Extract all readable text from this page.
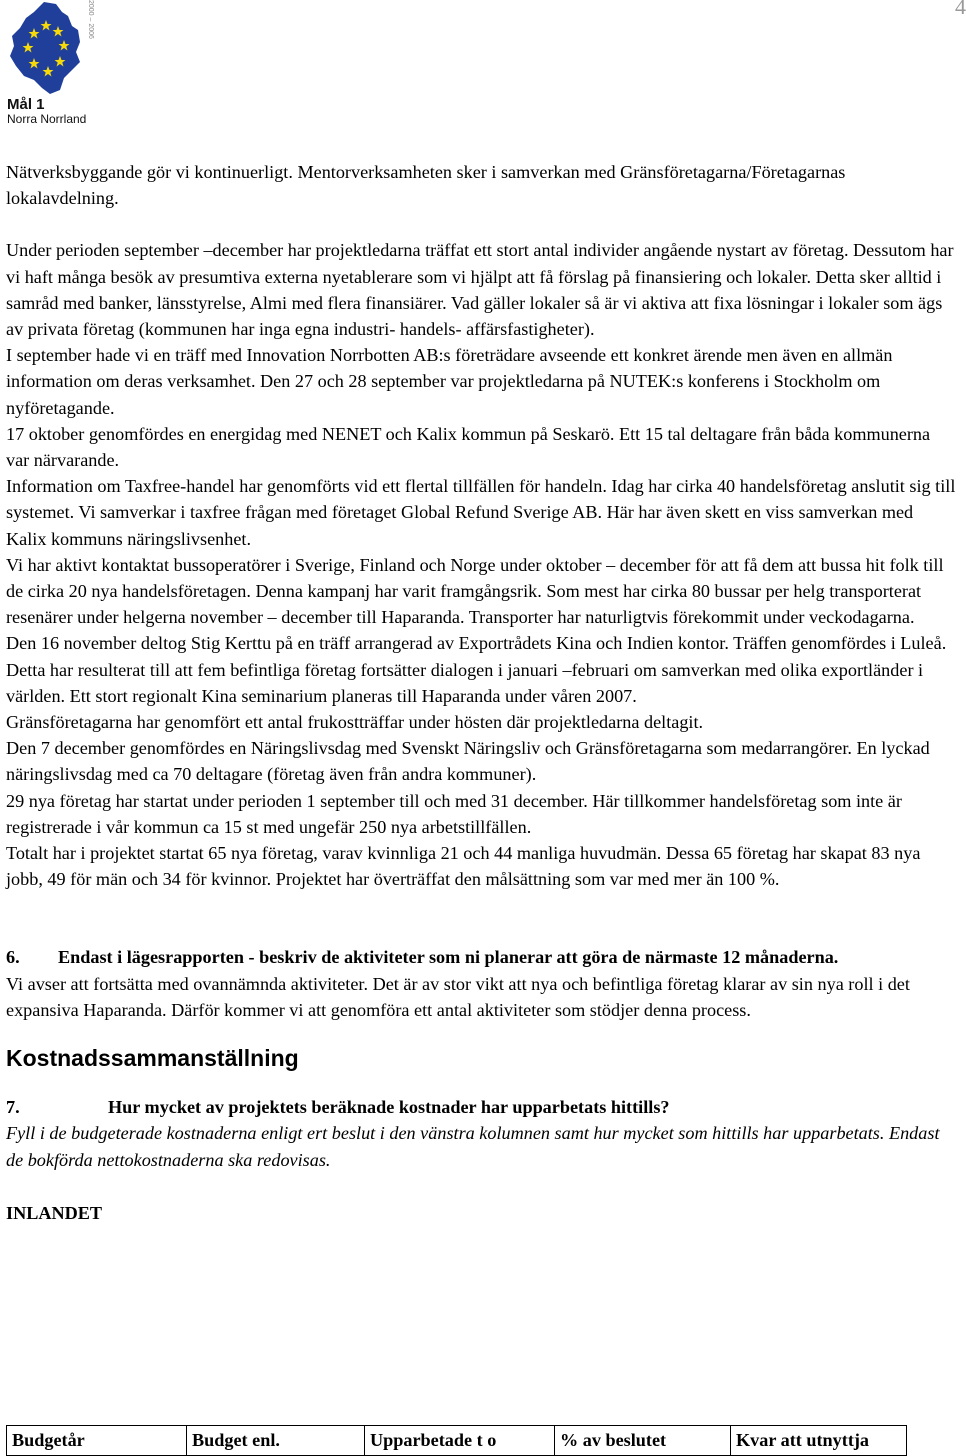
4
2000 – 2006
Mål 1
Norra Norrland

Nätverksbyggande gör vi kontinuerligt. Mentorverksamheten sker i samverkan med Gränsföretagarna/Företagarnas lokalavdelning.

Under perioden september –december har projektledarna träffat ett stort antal individer angående nystart av företag. Dessutom har vi haft många besök av presumtiva externa nyetablerare som vi hjälpt att få förslag på finansiering och lokaler. Detta sker alltid i samråd med banker, länsstyrelse, Almi med flera finansiärer. Vad gäller lokaler så är vi aktiva att fixa lösningar i lokaler som ägs av privata företag (kommunen har inga egna industri- handels- affärsfastigheter).

I september hade vi en träff med Innovation Norrbotten AB:s företrädare avseende ett konkret ärende men även en allmän information om deras verksamhet. Den 27 och 28 september var projektledarna på NUTEK:s konferens i Stockholm om nyföretagande.

17 oktober genomfördes en energidag med NENET och Kalix kommun på Seskarö. Ett 15 tal deltagare från båda kommunerna var närvarande.

Information om Taxfree-handel har genomförts vid ett flertal tillfällen för handeln. Idag har cirka 40 handelsföretag anslutit sig till systemet. Vi samverkar i taxfree frågan med företaget Global Refund Sverige AB. Här har även skett en viss samverkan med Kalix kommuns näringslivsenhet.

Vi har aktivt kontaktat bussoperatörer i Sverige, Finland och Norge under oktober – december för att få dem att bussa hit folk till de cirka 20 nya handelsföretagen. Denna kampanj har varit framgångsrik. Som mest har cirka 80 bussar per helg transporterat resenärer under helgerna november – december till Haparanda. Transporter har naturligtvis förekommit under veckodagarna.

Den 16 november deltog Stig Kerttu på en träff arrangerad av Exportrådets Kina och Indien kontor. Träffen genomfördes i Luleå. Detta har resulterat till att fem befintliga företag fortsätter dialogen i januari –februari om samverkan med olika exportländer i världen. Ett stort regionalt Kina seminarium planeras till Haparanda under våren 2007.

Gränsföretagarna har genomfört ett antal frukostträffar under hösten där projektledarna deltagit.

Den 7 december genomfördes en Näringslivsdag med Svenskt Näringsliv och Gränsföretagarna som medarrangörer. En lyckad näringslivsdag med ca 70 deltagare (företag även från andra kommuner).

29 nya företag har startat under perioden 1 september till och med 31 december. Här tillkommer handelsföretag som inte är registrerade i vår kommun ca 15 st med ungefär 250 nya arbetstillfällen.

Totalt har i projektet startat 65 nya företag, varav kvinnliga 21 och 44 manliga huvudmän. Dessa 65 företag har skapat 83 nya jobb, 49 för män och 34 för kvinnor. Projektet har överträffat den målsättning som var med mer än 100 %.

6.	Endast i lägesrapporten - beskriv de aktiviteter som ni planerar att göra de närmaste 12 månaderna.

Vi avser att fortsätta med ovannämnda aktiviteter. Det är av stor vikt att nya och befintliga företag klarar av sin nya roll i det expansiva Haparanda. Därför kommer vi att genomföra ett antal aktiviteter som stödjer denna process.

Kostnadssammanställning
7.	Hur mycket av projektets beräknade kostnader har upparbetats hittills?

Fyll i de budgeterade kostnaderna enligt ert beslut i den vänstra kolumnen samt hur mycket som hittills har upparbetats. Endast de bokförda nettokostnaderna ska redovisas.

INLANDET
Budgetår	Budget enl.	Upparbetade t o	% av beslutet	Kvar att utnyttja
